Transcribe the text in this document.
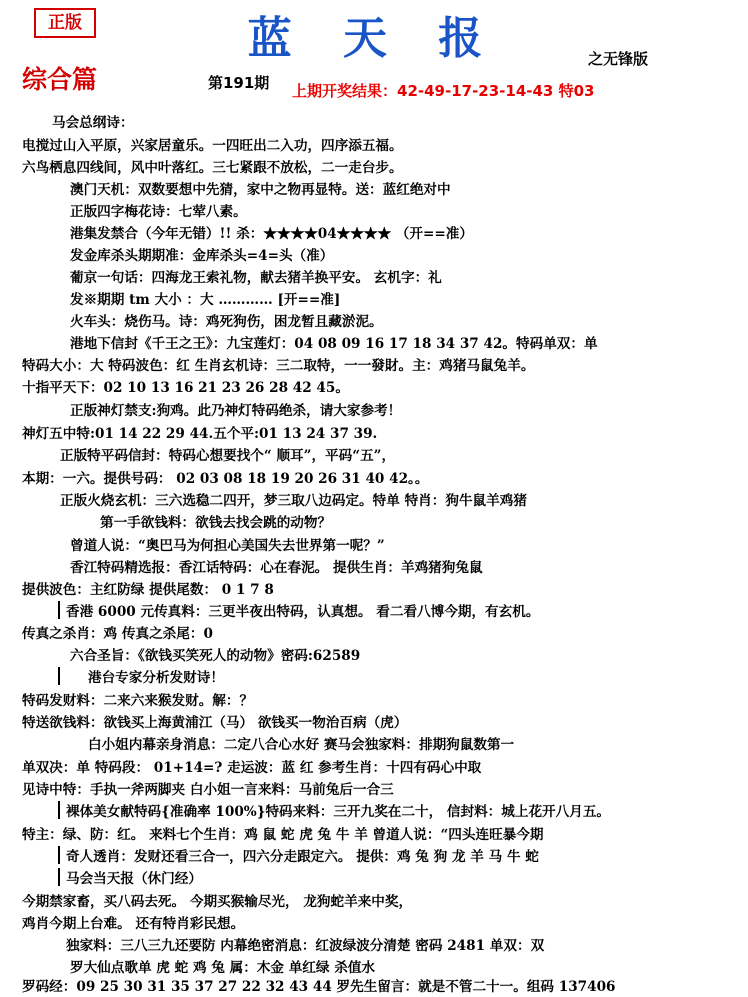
正版	蓝 天 报	之无锋版
综合篇	第191期 上期开奖结果：42-49-17-23-14-43 特03
马会总纲诗：
电搅过山入平原，兴家居童乐。一四旺出二入功，四序添五福。
六鸟栖息四线间，风中叶落红。三七紧跟不放松，二一走台步。
澳门天机：双数要想中先猜，家中之物再显特。送：蓝红绝对中
正版四字梅花诗：七荤八素。
港集发禁合（今年无错）!! 杀：★★★★04★★★★ （开==准）
发金库杀头期期准：金库杀头=4=头（准）
葡京一句话：四海龙王索礼物，献去猪羊换平安。 玄机字：礼
发※期期 tm 大小 ：大 ………… [开==准]
火车头：烧伤马。诗：鸡死狗伤，困龙暂且藏淤泥。
港地下信封《千王之王》：九宝莲灯：04 08 09 16 17 18 34 37 42。特码单双：单
特码大小：大 特码波色：红 生肖玄机诗：三二取特，一一發財。主：鸡猪马鼠兔羊。
十指平天下：02 10 13 16 21 23 26 28 42 45。
正版神灯禁支:狗鸡。此乃神灯特码绝杀，请大家参考！
神灯五中特:01 14 22 29 44.五个平:01 13 24 37 39.
正版特平码信封：特码心想要找个“ 顺耳”，平码“五”，
本期：一六。提供号码： 02 03 08 18 19 20 26 31 40 42。。
正版火烧玄机：三六选稳二四开，梦三取八边码定。特单 特肖：狗牛鼠羊鸡猪
第一手欲钱料：欲钱去找会跳的动物？
曾道人说：“奥巴马为何担心美国失去世界第一呢？”
香江特码精选报：香江话特码：心在春泥。 提供生肖：羊鸡猪狗兔鼠
提供波色：主红防绿 提供尾数： 0 1 7 8
香港 6000 元传真料：三更半夜出特码，认真想。 看二看八博今期，有玄机。
传真之杀肖：鸡 传真之杀尾：0
六合圣旨：《欲钱买笑死人的动物》密码:62589
港台专家分析发财诗！
特码发财料：二来六来猴发财。解：？
特送欲钱料：欲钱买上海黄浦江（马） 欲钱买一物治百病（虎）
白小姐内幕亲身消息：二定八合心水好 赛马会独家料：排期狗鼠数第一
单双决：单 特码段： 01+14=? 走运波：蓝 红 参考生肖：十四有码心中取
见诗中特：手执一斧两脚夹 白小姐一言来料：马前兔后一合三
裸体美女献特码{准确率 100%}特码来料：三开九奖在二十， 信封料：城上花开八月五。
特主：绿、防：红。 来料七个生肖：鸡 鼠 蛇 虎 兔 牛 羊 曾道人说：“四头连旺暴今期
奇人透肖：发财还看三合一，四六分走跟定六。 提供：鸡 兔 狗 龙 羊 马 牛 蛇
马会当天报（休门经）
今期禁家畜，买八码去死。 今期买猴输尽光， 龙狗蛇羊来中奖，
鸡肖今期上台难。 还有特肖彩民想。
独家料：三八三九还要防 内幕绝密消息：红波绿波分清楚 密码 2481 单双：双
罗大仙点歌单 虎 蛇 鸡 兔 属：木金 单红绿 杀值水
罗码经：09 25 30 31 35 37 27 22 32 43 44 罗先生留言：就是不管二十一。组码 137406
